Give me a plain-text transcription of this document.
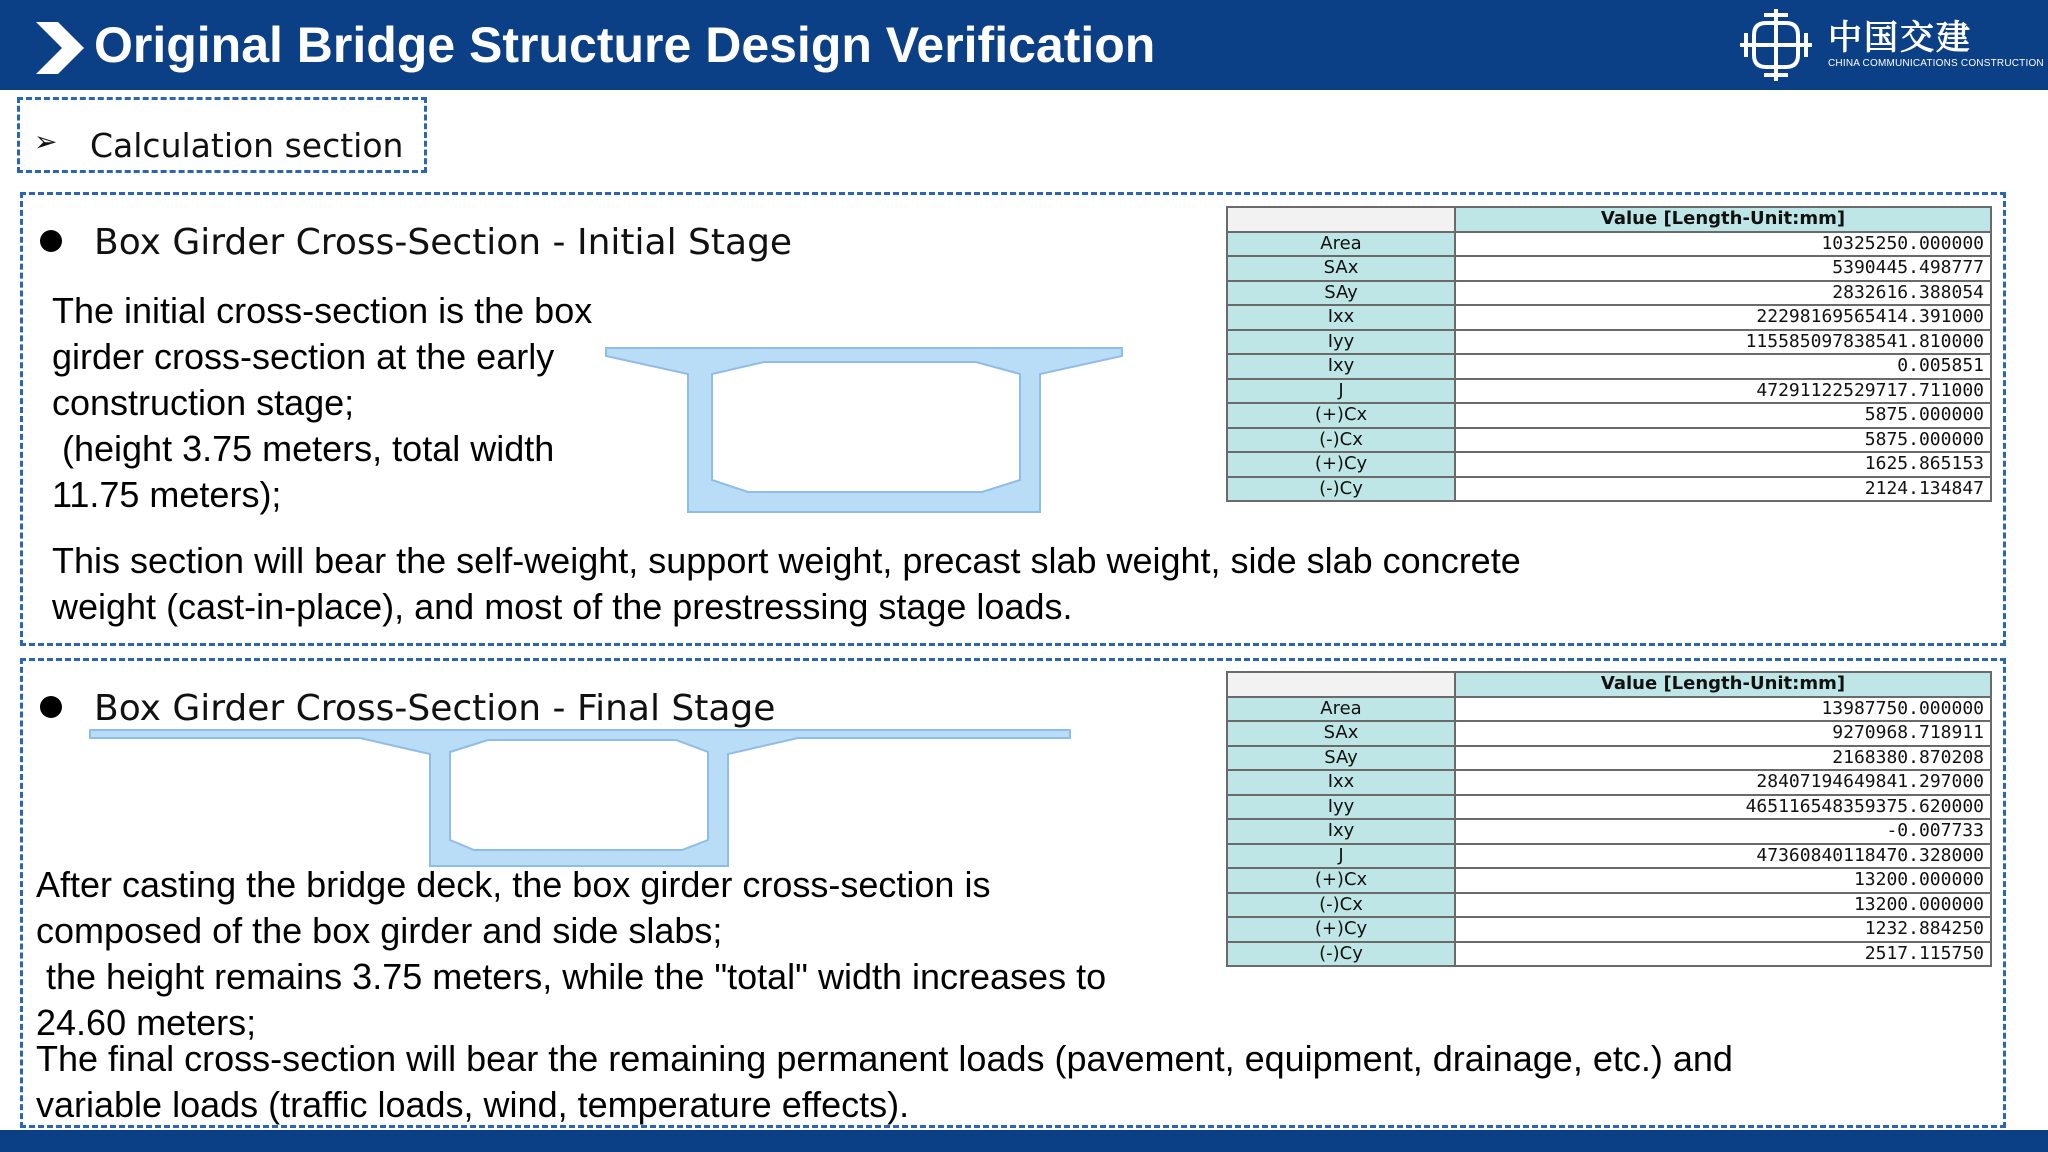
Original Bridge Structure Design Verification	中国交建
CHINA COMMUNICATIONS CONSTRUCTION
➢ Calculation section
Box Girder Cross-Section - Initial Stage
The initial cross-section is the box
girder cross-section at the early
construction stage;
(height 3.75 meters, total width
11.75 meters);
This section will bear the self-weight, support weight, precast slab weight, side slab concrete
weight (cast-in-place), and most of the prestressing stage loads.
	Value [Length-Unit:mm]
Area	10325250.000000
SAx	5390445.498777
SAy	2832616.388054
Ixx	22298169565414.391000
Iyy	115585097838541.810000
Ixy	0.005851
J	47291122529717.711000
(+)Cx	5875.000000
(-)Cx	5875.000000
(+)Cy	1625.865153
(-)Cy	2124.134847
Box Girder Cross-Section - Final Stage
After casting the bridge deck, the box girder cross-section is
composed of the box girder and side slabs;
the height remains 3.75 meters, while the "total" width increases to
24.60 meters;
The final cross-section will bear the remaining permanent loads (pavement, equipment, drainage, etc.) and
variable loads (traffic loads, wind, temperature effects).
	Value [Length-Unit:mm]
Area	13987750.000000
SAx	9270968.718911
SAy	2168380.870208
Ixx	28407194649841.297000
Iyy	465116548359375.620000
Ixy	-0.007733
J	47360840118470.328000
(+)Cx	13200.000000
(-)Cx	13200.000000
(+)Cy	1232.884250
(-)Cy	2517.115750
